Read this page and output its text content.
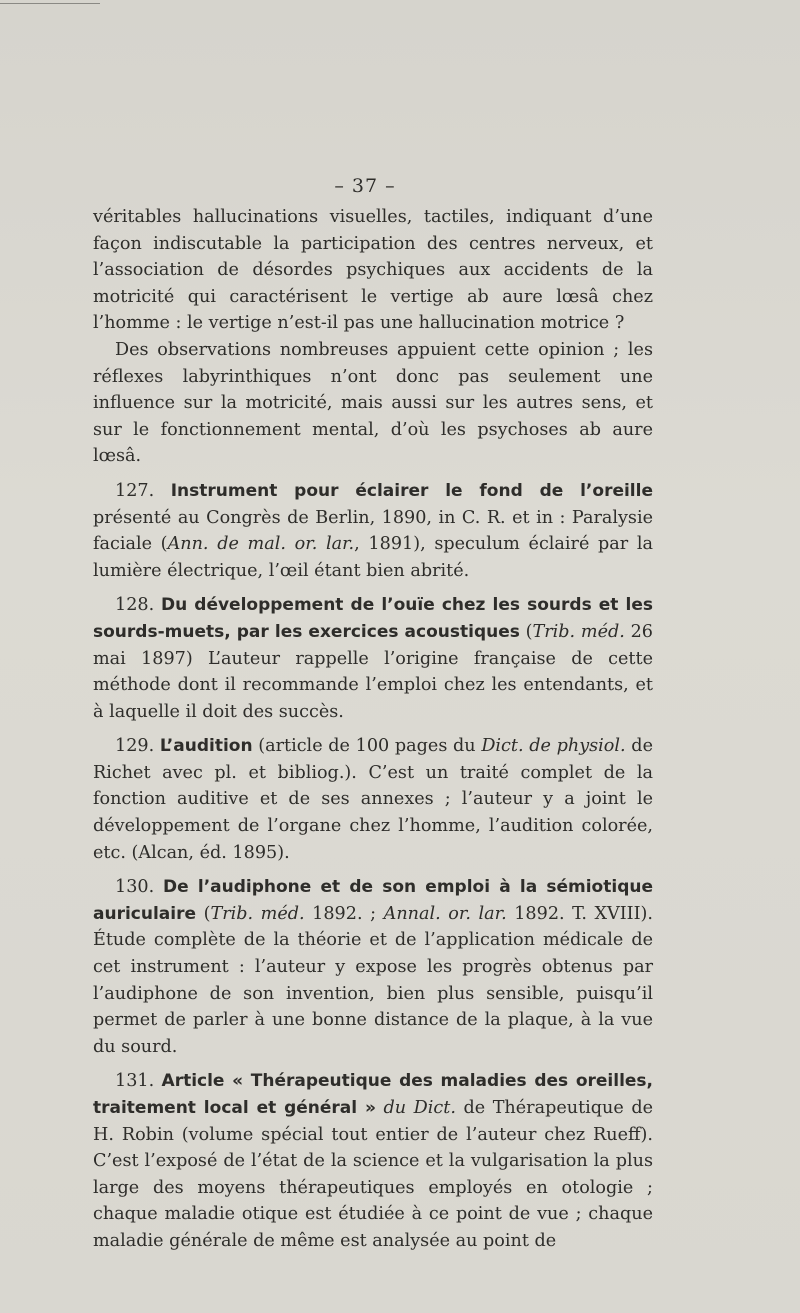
– 37 –

véritables hallucinations visuelles, tactiles, indiquant d’une façon indiscutable la participation des centres nerveux, et l’association de désordes psychiques aux accidents de la motricité qui caractérisent le vertige ab aure lœsâ chez l’homme : le vertige n’est-il pas une hallucination motrice ?

Des observations nombreuses appuient cette opinion ; les réflexes labyrinthiques n’ont donc pas seulement une influence sur la motricité, mais aussi sur les autres sens, et sur le fonctionnement mental, d’où les psychoses ab aure lœsâ.

127. Instrument pour éclairer le fond de l’oreille présenté au Congrès de Berlin, 1890, in C. R. et in : Paralysie faciale (Ann. de mal. or. lar., 1891), speculum éclairé par la lumière électrique, l’œil étant bien abrité.

128. Du développement de l’ouïe chez les sourds et les sourds-muets, par les exercices acoustiques (Trib. méd. 26 mai 1897) L’auteur rappelle l’origine française de cette méthode dont il recommande l’emploi chez les entendants, et à laquelle il doit des succès.

129. L’audition (article de 100 pages du Dict. de physiol. de Richet avec pl. et bibliog.). C’est un traité complet de la fonction auditive et de ses annexes ; l’auteur y a joint le développement de l’organe chez l’homme, l’audition colorée, etc. (Alcan, éd. 1895).

130. De l’audiphone et de son emploi à la sémiotique auriculaire (Trib. méd. 1892. ; Annal. or. lar. 1892. T. XVIII). Étude complète de la théorie et de l’application médicale de cet instrument : l’auteur y expose les progrès obtenus par l’audiphone de son invention, bien plus sensible, puisqu’il permet de parler à une bonne distance de la plaque, à la vue du sourd.

131. Article « Thérapeutique des maladies des oreilles, traitement local et général » du Dict. de Thérapeutique de H. Robin (volume spécial tout entier de l’auteur chez Rueff). C’est l’exposé de l’état de la science et la vulgarisation la plus large des moyens thérapeutiques employés en otologie ; chaque maladie otique est étudiée à ce point de vue ; chaque maladie générale de même est analysée au point de
